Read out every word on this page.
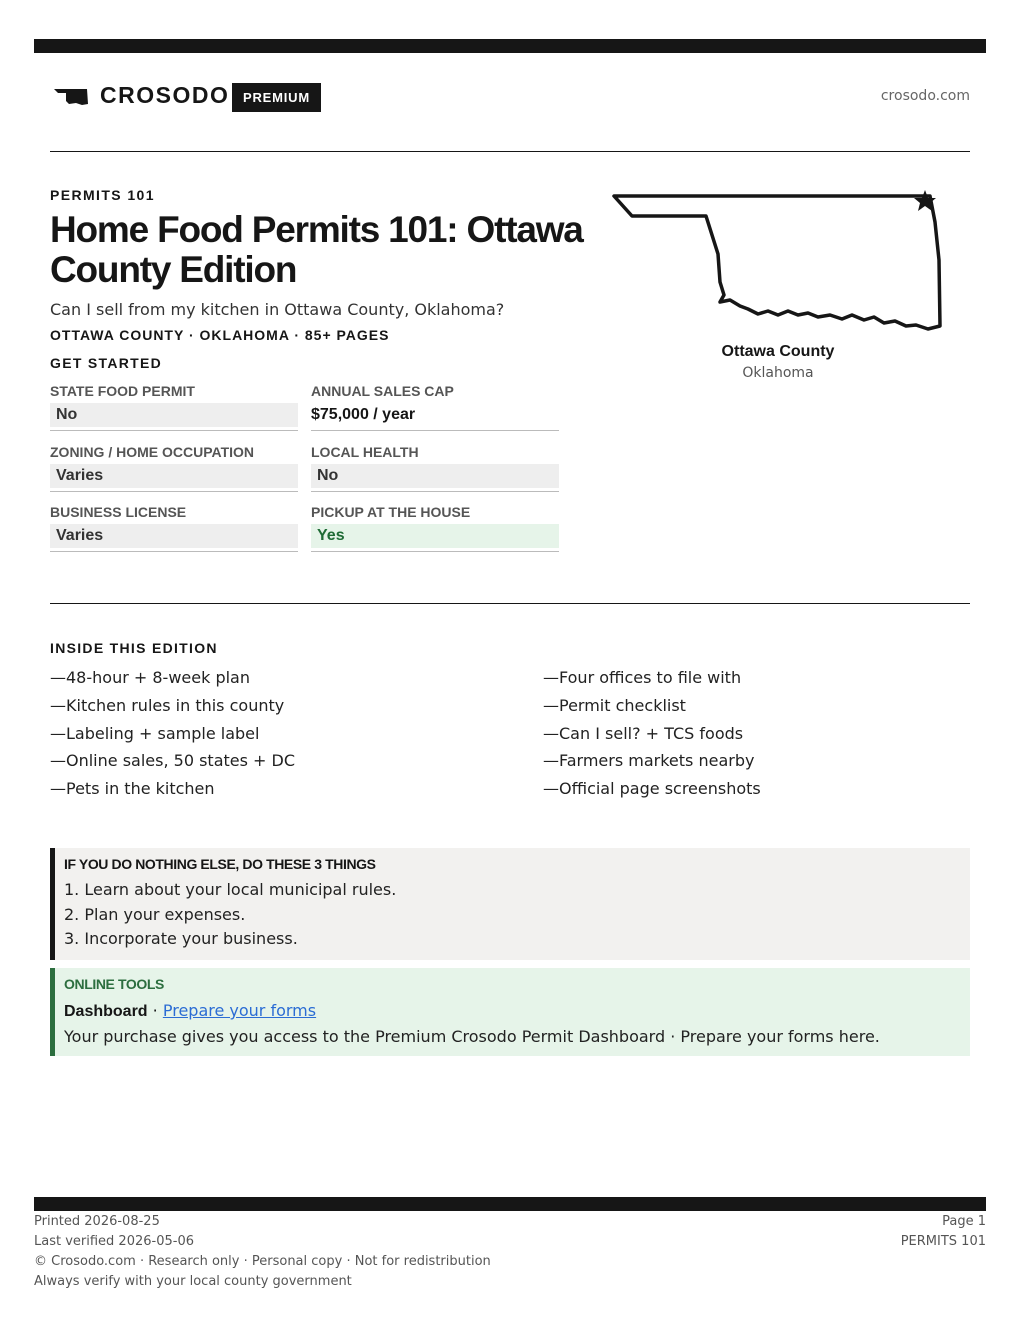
CROSODO	PREMIUM	crosodo.com
PERMITS 101
Home Food Permits 101: Ottawa County Edition
Can I sell from my kitchen in Ottawa County, Oklahoma?
OTTAWA COUNTY · OKLAHOMA · 85+ PAGES
Ottawa County
Oklahoma
GET STARTED
STATE FOOD PERMIT
No
ANNUAL SALES CAP
$75,000 / year
ZONING / HOME OCCUPATION
Varies
LOCAL HEALTH
No
BUSINESS LICENSE
Varies
PICKUP AT THE HOUSE
Yes
INSIDE THIS EDITION
—48-hour + 8-week plan
—Kitchen rules in this county
—Labeling + sample label
—Online sales, 50 states + DC
—Pets in the kitchen
—Four offices to file with
—Permit checklist
—Can I sell? + TCS foods
—Farmers markets nearby
—Official page screenshots
IF YOU DO NOTHING ELSE, DO THESE 3 THINGS
1. Learn about your local municipal rules.
2. Plan your expenses.
3. Incorporate your business.
ONLINE TOOLS
Dashboard · Prepare your forms
Your purchase gives you access to the Premium Crosodo Permit Dashboard · Prepare your forms here.
Printed 2026-08-25
Last verified 2026-05-06
© Crosodo.com · Research only · Personal copy · Not for redistribution
Always verify with your local county government
Page 1
PERMITS 101
